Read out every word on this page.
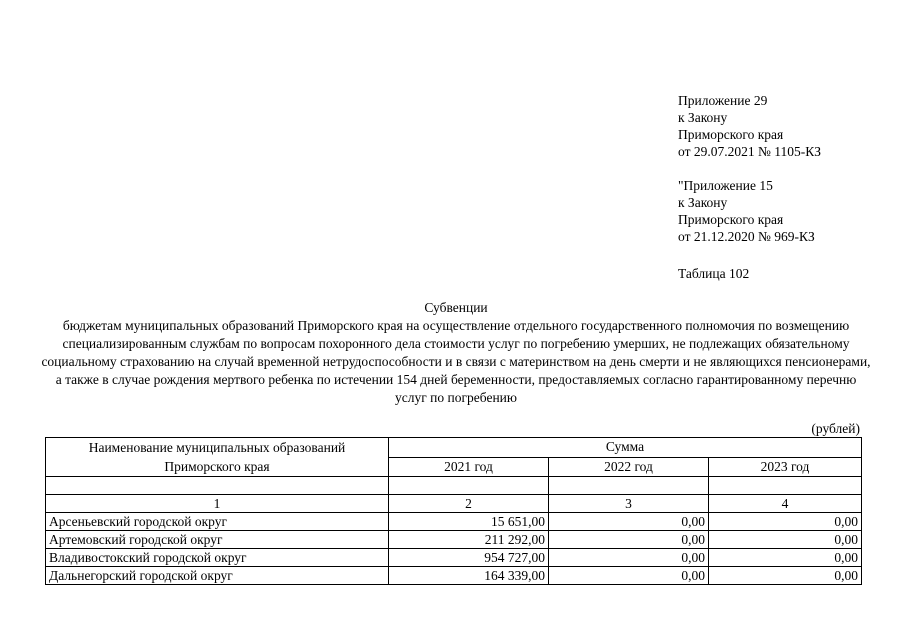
Приложение 29
к Закону
Приморского края
от 29.07.2021 № 1105-КЗ
"Приложение 15
к Закону
Приморского края
от 21.12.2020 № 969-КЗ
Таблица 102
Субвенции
бюджетам муниципальных образований Приморского края на осуществление отдельного государственного полномочия по возмещению специализированным службам по вопросам похоронного дела стоимости услуг по погребению умерших, не подлежащих обязательному социальному страхованию на случай временной нетрудоспособности и в связи с материнством на день смерти и не являющихся пенсионерами, а также в случае рождения мертвого ребенка по истечении 154 дней беременности, предоставляемых согласно гарантированному перечню услуг по погребению
(рублей)
Наименование муниципальных образований Приморского края	Сумма		
	2021 год	2022 год	2023 год

1	2	3	4
Арсеньевский городской округ	15 651,00	0,00	0,00
Артемовский городской округ	211 292,00	0,00	0,00
Владивостокский городской округ	954 727,00	0,00	0,00
Дальнегорский городской округ	164 339,00	0,00	0,00
